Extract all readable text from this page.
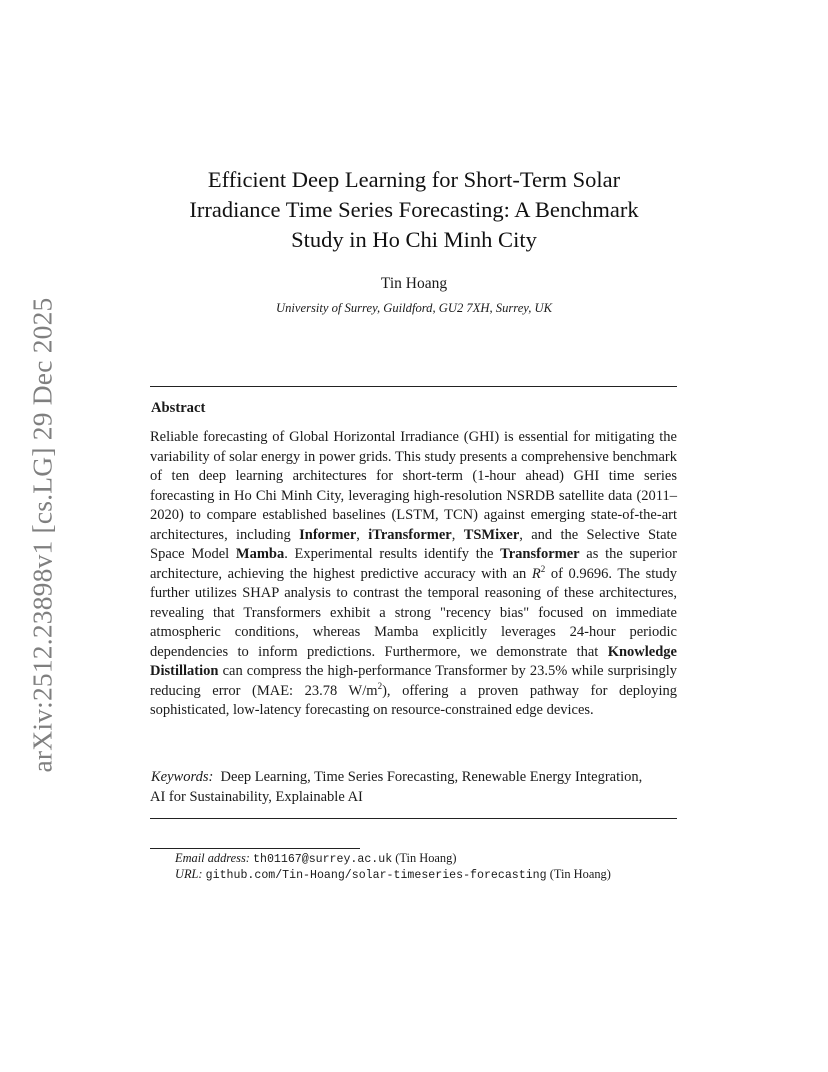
arXiv:2512.23898v1 [cs.LG] 29 Dec 2025
Efficient Deep Learning for Short-Term Solar
Irradiance Time Series Forecasting: A Benchmark
Study in Ho Chi Minh City
Tin Hoang
University of Surrey, Guildford, GU2 7XH, Surrey, UK
Abstract
Reliable forecasting of Global Horizontal Irradiance (GHI) is essential for mitigating the variability of solar energy in power grids. This study presents a comprehensive benchmark of ten deep learning architectures for short-term (1-hour ahead) GHI time series forecasting in Ho Chi Minh City, leveraging high-resolution NSRDB satellite data (2011–2020) to compare established baselines (LSTM, TCN) against emerging state-of-the-art architectures, including Informer, iTransformer, TSMixer, and the Selective State Space Model Mamba. Experimental results identify the Transformer as the superior architecture, achieving the highest predictive accuracy with an $R^2$ of 0.9696. The study further utilizes SHAP analysis to contrast the temporal reasoning of these architectures, revealing that Transformers exhibit a strong "recency bias" focused on immediate atmospheric conditions, whereas Mamba explicitly leverages 24-hour periodic dependencies to inform predictions. Furthermore, we demonstrate that Knowledge Distillation can compress the high-performance Transformer by 23.5% while surprisingly reducing error (MAE: 23.78 $W/m^2$), offering a proven pathway for deploying sophisticated, low-latency forecasting on resource-constrained edge devices.
Keywords: Deep Learning, Time Series Forecasting, Renewable Energy Integration, AI for Sustainability, Explainable AI
Email address: th01167@surrey.ac.uk (Tin Hoang)
URL: github.com/Tin-Hoang/solar-timeseries-forecasting (Tin Hoang)
